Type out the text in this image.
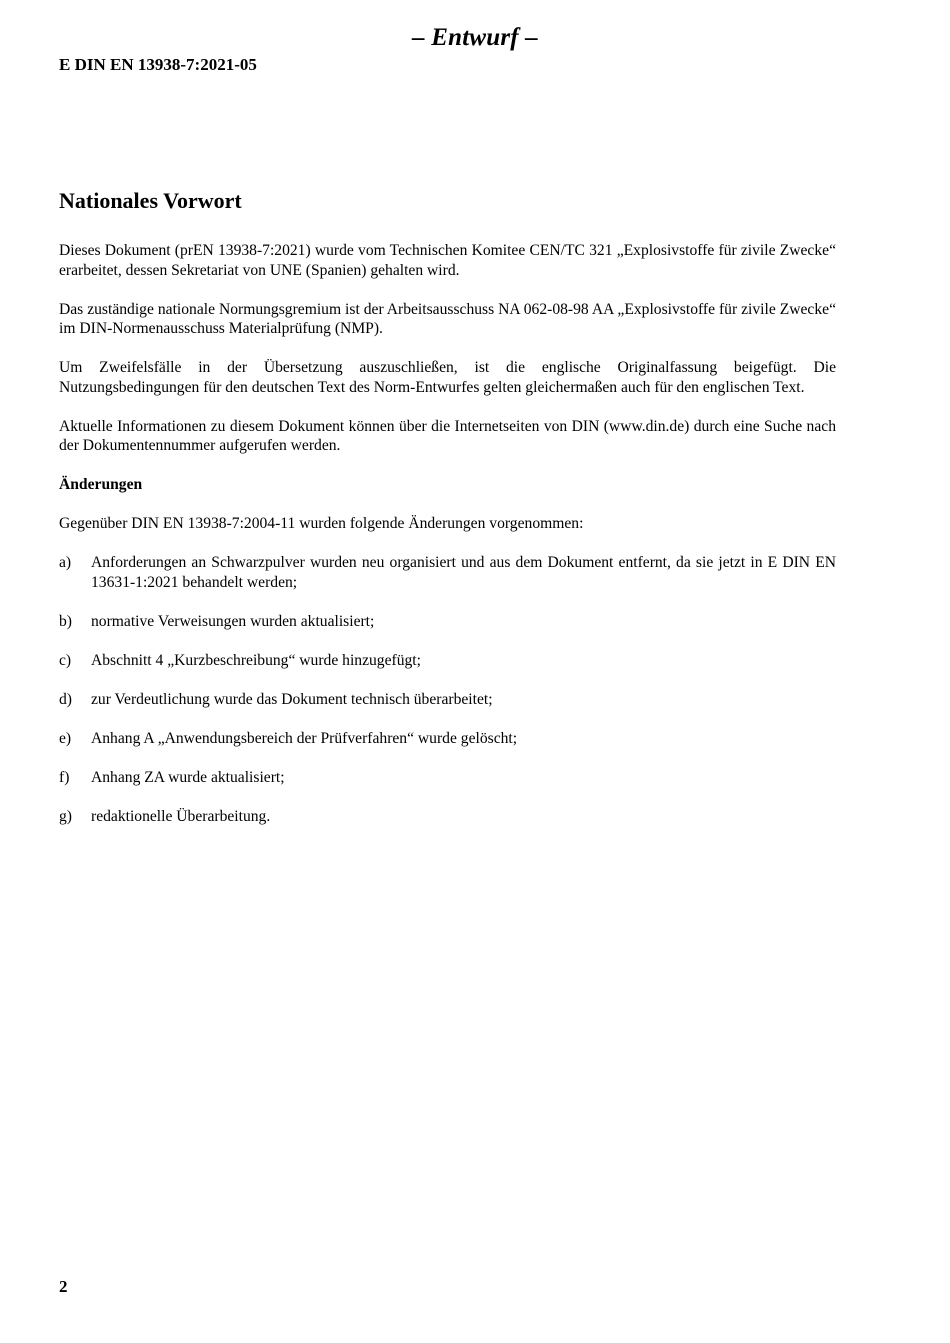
– Entwurf –
E DIN EN 13938-7:2021-05
Nationales Vorwort

Dieses Dokument (prEN 13938-7:2021) wurde vom Technischen Komitee CEN/TC 321 „Explosivstoffe für zivile Zwecke“ erarbeitet, dessen Sekretariat von UNE (Spanien) gehalten wird.

Das zuständige nationale Normungsgremium ist der Arbeitsausschuss NA 062-08-98 AA „Explosivstoffe für zivile Zwecke“ im DIN-Normenausschuss Materialprüfung (NMP).

Um Zweifelsfälle in der Übersetzung auszuschließen, ist die englische Originalfassung beigefügt. Die Nutzungsbedingungen für den deutschen Text des Norm-Entwurfes gelten gleichermaßen auch für den englischen Text.

Aktuelle Informationen zu diesem Dokument können über die Internetseiten von DIN (www.din.de) durch eine Suche nach der Dokumentennummer aufgerufen werden.

Änderungen

Gegenüber DIN EN 13938-7:2004-11 wurden folgende Änderungen vorgenommen:

a)	Anforderungen an Schwarzpulver wurden neu organisiert und aus dem Dokument entfernt, da sie jetzt in E DIN EN 13631-1:2021 behandelt werden;
b)	normative Verweisungen wurden aktualisiert;
c)	Abschnitt 4 „Kurzbeschreibung“ wurde hinzugefügt;
d)	zur Verdeutlichung wurde das Dokument technisch überarbeitet;
e)	Anhang A „Anwendungsbereich der Prüfverfahren“ wurde gelöscht;
f)	Anhang ZA wurde aktualisiert;
g)	redaktionelle Überarbeitung.
2
